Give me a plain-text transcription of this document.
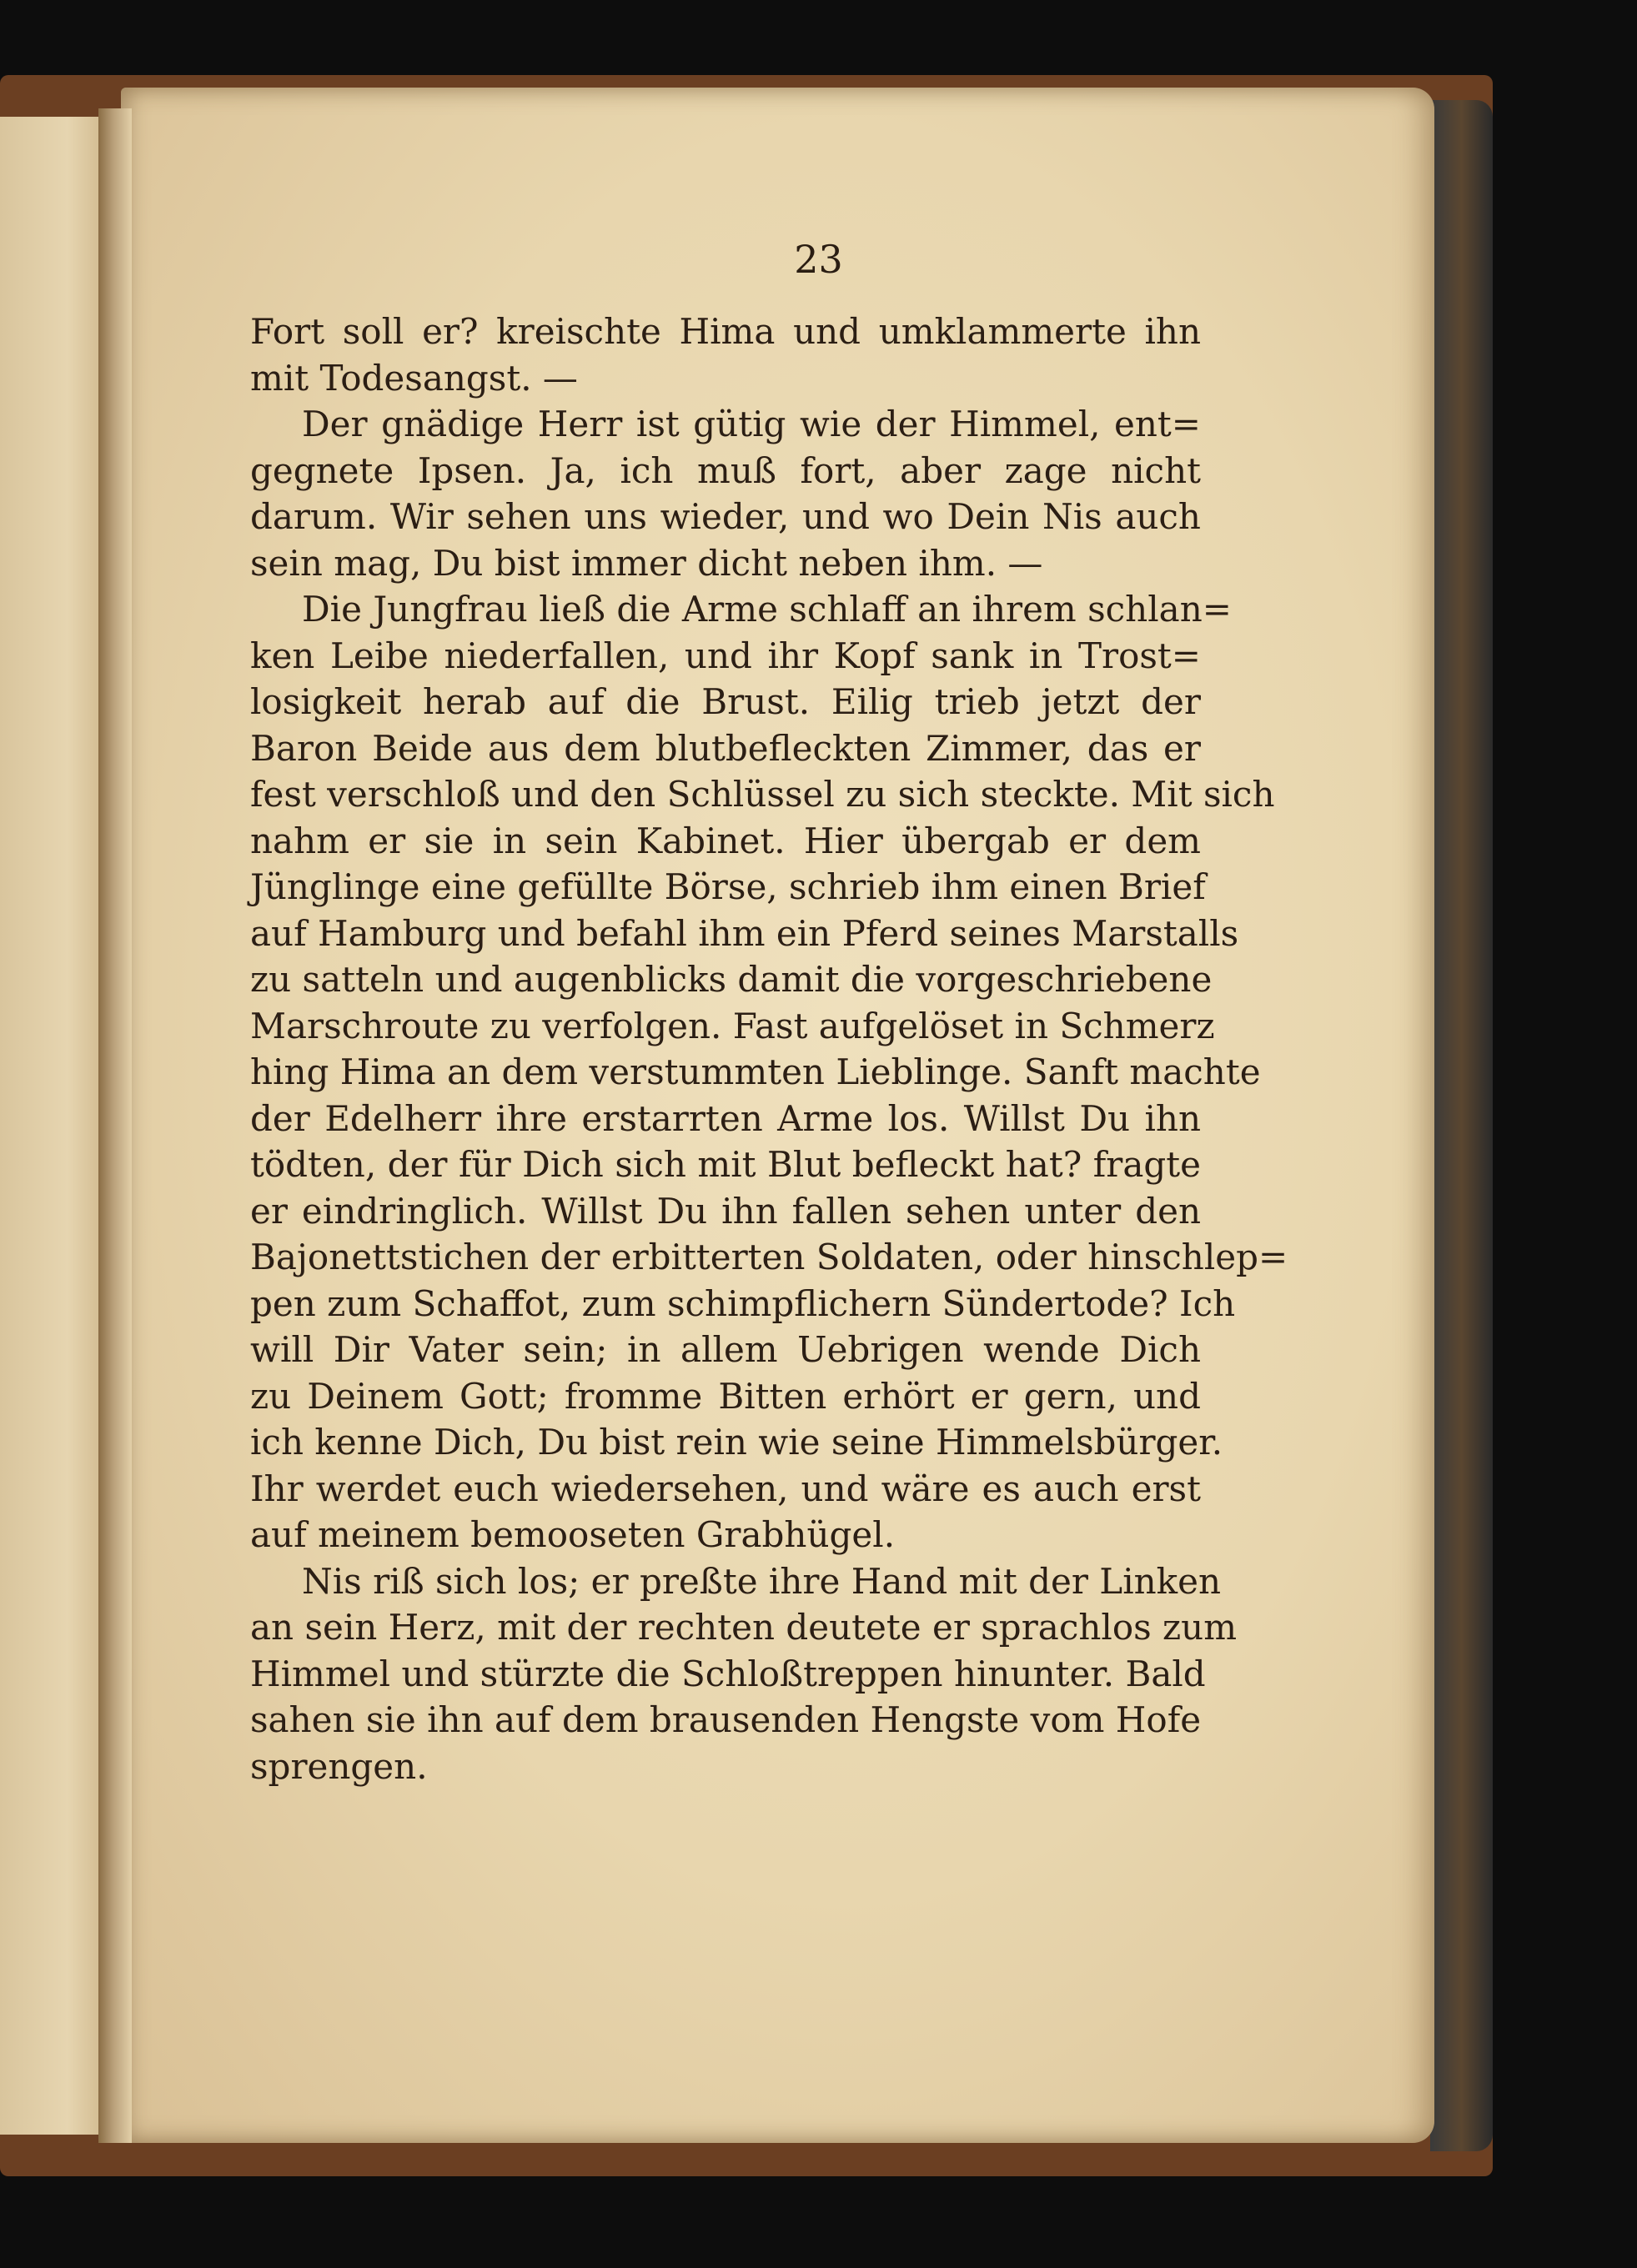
23
Fort soll er? kreischte Hima und umklammerte ihn
mit Todesangst. —
Der gnädige Herr ist gütig wie der Himmel, ent=
gegnete Ipsen. Ja, ich muß fort, aber zage nicht
darum. Wir sehen uns wieder, und wo Dein Nis auch
sein mag, Du bist immer dicht neben ihm. —
Die Jungfrau ließ die Arme schlaff an ihrem schlan=
ken Leibe niederfallen, und ihr Kopf sank in Trost=
losigkeit herab auf die Brust. Eilig trieb jetzt der
Baron Beide aus dem blutbefleckten Zimmer, das er
fest verschloß und den Schlüssel zu sich steckte. Mit sich
nahm er sie in sein Kabinet. Hier übergab er dem
Jünglinge eine gefüllte Börse, schrieb ihm einen Brief
auf Hamburg und befahl ihm ein Pferd seines Marstalls
zu satteln und augenblicks damit die vorgeschriebene
Marschroute zu verfolgen. Fast aufgelöset in Schmerz
hing Hima an dem verstummten Lieblinge. Sanft machte
der Edelherr ihre erstarrten Arme los. Willst Du ihn
tödten, der für Dich sich mit Blut befleckt hat? fragte
er eindringlich. Willst Du ihn fallen sehen unter den
Bajonettstichen der erbitterten Soldaten, oder hinschlep=
pen zum Schaffot, zum schimpflichern Sündertode? Ich
will Dir Vater sein; in allem Uebrigen wende Dich
zu Deinem Gott; fromme Bitten erhört er gern, und
ich kenne Dich, Du bist rein wie seine Himmelsbürger.
Ihr werdet euch wiedersehen, und wäre es auch erst
auf meinem bemooseten Grabhügel.
Nis riß sich los; er preßte ihre Hand mit der Linken
an sein Herz, mit der rechten deutete er sprachlos zum
Himmel und stürzte die Schloßtreppen hinunter. Bald
sahen sie ihn auf dem brausenden Hengste vom Hofe
sprengen.
